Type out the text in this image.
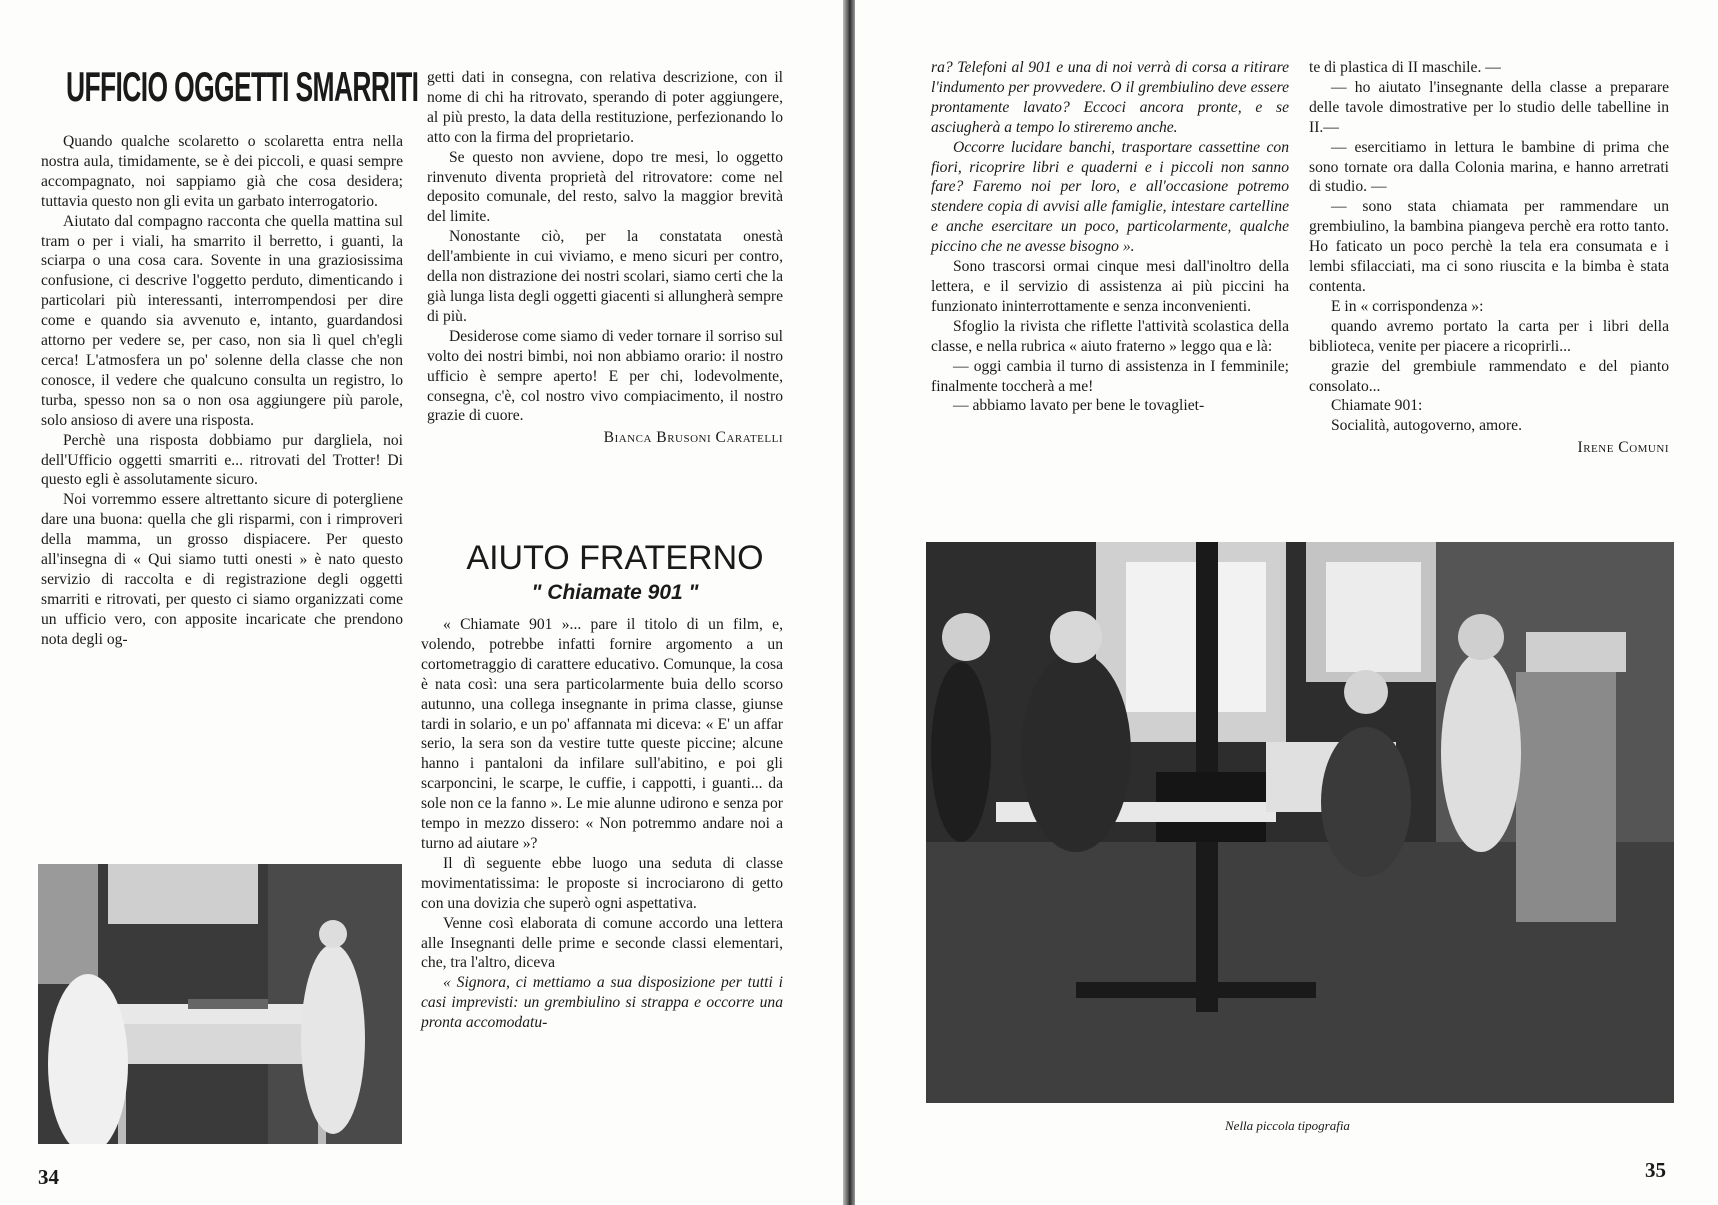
UFFICIO OGGETTI SMARRITI

Quando qualche scolaretto o scolaretta entra nella nostra aula, timidamente, se è dei piccoli, e quasi sempre accompagnato, noi sappiamo già che cosa desidera; tuttavia questo non gli evita un garbato interrogatorio.

Aiutato dal compagno racconta che quella mattina sul tram o per i viali, ha smarrito il berretto, i guanti, la sciarpa o una cosa cara. Sovente in una graziosissima confusione, ci descrive l'oggetto perduto, dimenticando i particolari più interessanti, interrompendosi per dire come e quando sia avvenuto e, intanto, guardandosi attorno per vedere se, per caso, non sia lì quel ch'egli cerca! L'atmosfera un po' solenne della classe che non conosce, il vedere che qualcuno consulta un registro, lo turba, spesso non sa o non osa aggiungere più parole, solo ansioso di avere una risposta.

Perchè una risposta dobbiamo pur dargliela, noi dell'Ufficio oggetti smarriti e... ritrovati del Trotter! Di questo egli è assolutamente sicuro.

Noi vorremmo essere altrettanto sicure di potergliene dare una buona: quella che gli risparmi, con i rimproveri della mamma, un grosso dispiacere. Per questo all'insegna di « Qui siamo tutti onesti » è nato questo servizio di raccolta e di registrazione degli oggetti smarriti e ritrovati, per questo ci siamo organizzati come un ufficio vero, con apposite incaricate che prendono nota degli og-

getti dati in consegna, con relativa descrizione, con il nome di chi ha ritrovato, sperando di poter aggiungere, al più presto, la data della restituzione, perfezionando lo atto con la firma del proprietario.

Se questo non avviene, dopo tre mesi, lo oggetto rinvenuto diventa proprietà del ritrovatore: come nel deposito comunale, del resto, salvo la maggior brevità del limite.

Nonostante ciò, per la constatata onestà dell'ambiente in cui viviamo, e meno sicuri per contro, della non distrazione dei nostri scolari, siamo certi che la già lunga lista degli oggetti giacenti si allungherà sempre di più.

Desiderose come siamo di veder tornare il sorriso sul volto dei nostri bimbi, noi non abbiamo orario: il nostro ufficio è sempre aperto! E per chi, lodevolmente, consegna, c'è, col nostro vivo compiacimento, il nostro grazie di cuore.

Bianca Brusoni Caratelli

AIUTO FRATERNO
" Chiamate 901 "

« Chiamate 901 »... pare il titolo di un film, e, volendo, potrebbe infatti fornire argomento a un cortometraggio di carattere educativo. Comunque, la cosa è nata così: una sera particolarmente buia dello scorso autunno, una collega insegnante in prima classe, giunse tardi in solario, e un po' affannata mi diceva: « E' un affar serio, la sera son da vestire tutte queste piccine; alcune hanno i pantaloni da infilare sull'abitino, e poi gli scarponcini, le scarpe, le cuffie, i cappotti, i guanti... da sole non ce la fanno ». Le mie alunne udirono e senza por tempo in mezzo dissero: « Non potremmo andare noi a turno ad aiutare »?

Il dì seguente ebbe luogo una seduta di classe movimentatissima: le proposte si incrociarono di getto con una dovizia che superò ogni aspettativa.

Venne così elaborata di comune accordo una lettera alle Insegnanti delle prime e seconde classi elementari, che, tra l'altro, diceva

« Signora, ci mettiamo a sua disposizione per tutti i casi imprevisti: un grembiulino si strappa e occorre una pronta accomodatu-

34

ra? Telefoni al 901 e una di noi verrà di corsa a ritirare l'indumento per provvedere. O il grembiulino deve essere prontamente lavato? Eccoci ancora pronte, e se asciugherà a tempo lo stireremo anche.

Occorre lucidare banchi, trasportare cassettine con fiori, ricoprire libri e quaderni e i piccoli non sanno fare? Faremo noi per loro, e all'occasione potremo stendere copia di avvisi alle famiglie, intestare cartelline e anche esercitare un poco, particolarmente, qualche piccino che ne avesse bisogno ».

Sono trascorsi ormai cinque mesi dall'inoltro della lettera, e il servizio di assistenza ai più piccini ha funzionato ininterrottamente e senza inconvenienti.

Sfoglio la rivista che riflette l'attività scolastica della classe, e nella rubrica « aiuto fraterno » leggo qua e là:

— oggi cambia il turno di assistenza in I femminile; finalmente toccherà a me!

— abbiamo lavato per bene le tovagliet-

te di plastica di II maschile. —

— ho aiutato l'insegnante della classe a preparare delle tavole dimostrative per lo studio delle tabelline in II.—

— esercitiamo in lettura le bambine di prima che sono tornate ora dalla Colonia marina, e hanno arretrati di studio. —

— sono stata chiamata per rammendare un grembiulino, la bambina piangeva perchè era rotto tanto. Ho faticato un poco perchè la tela era consumata e i lembi sfilacciati, ma ci sono riuscita e la bimba è stata contenta.

E in « corrispondenza »:

quando avremo portato la carta per i libri della biblioteca, venite per piacere a ricoprirli...

grazie del grembiule rammendato e del pianto consolato...

Chiamate 901:

Socialità, autogoverno, amore.

Irene Comuni

Nella piccola tipografia
35
